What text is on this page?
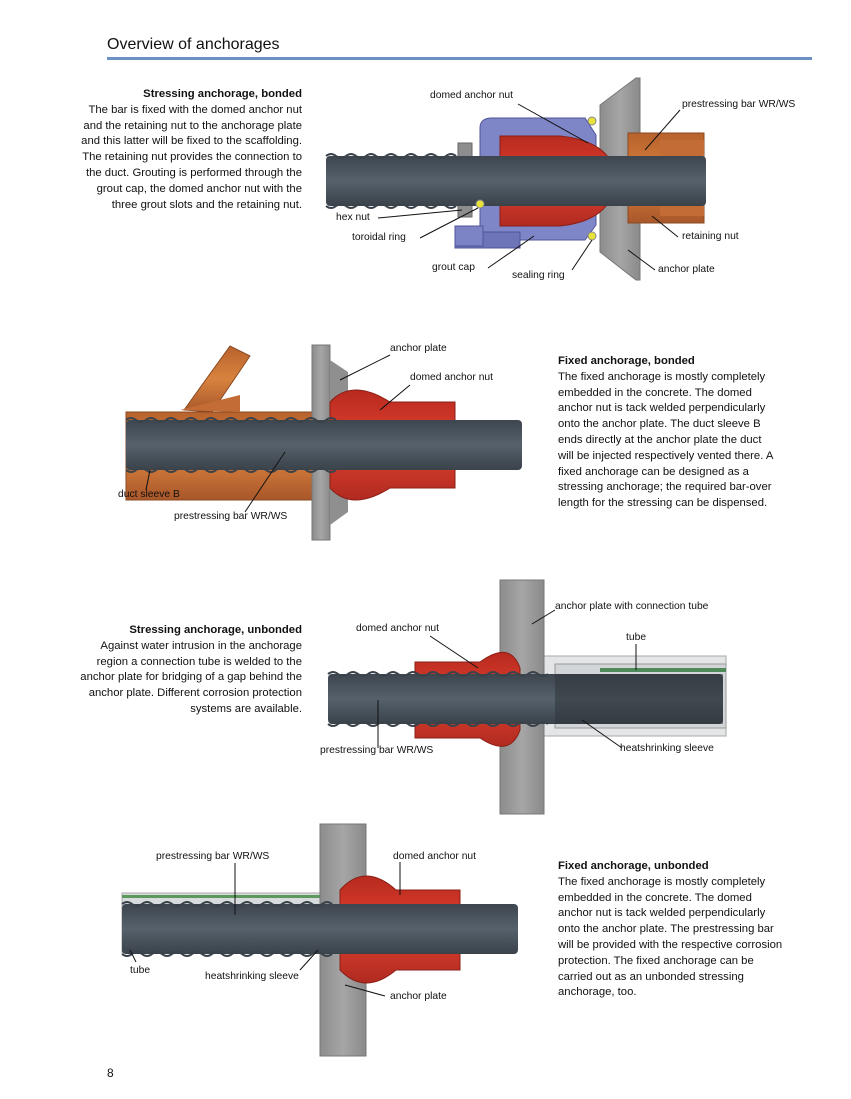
Overview of anchorages
Stressing anchorage, bonded
The bar is fixed with the domed anchor nut and the retaining nut to the anchorage plate and this latter will be fixed to the scaffolding. The retaining nut provides the connection to the duct. Grouting is performed through the grout cap, the domed anchor nut with the three grout slots and the retaining nut.
domed anchor nut
prestressing bar WR/WS
hex nut
toroidal ring	retaining nut
grout cap
sealing ring
anchor plate
Fixed anchorage, bonded
The fixed anchorage is mostly completely embedded in the concrete. The domed anchor nut is tack welded perpendicularly onto the anchor plate. The duct sleeve B ends directly at the anchor plate the duct will be injected respectively vented there. A fixed anchorage can be designed as a stressing anchorage; the required bar-over length for the stressing can be dispensed.
anchor plate
domed anchor nut
duct sleeve B
prestressing bar WR/WS
Stressing anchorage, unbonded
Against water intrusion in the anchorage region a connection tube is welded to the anchor plate for bridging of a gap behind the anchor plate. Different corrosion protection systems are available.
anchor plate with connection tube
domed anchor nut
tube
prestressing bar WR/WS	heatshrinking sleeve
Fixed anchorage, unbonded
The fixed anchorage is mostly completely embedded in the concrete. The domed anchor nut is tack welded perpendicularly onto the anchor plate. The prestressing bar will be provided with the respective corrosion protection. The fixed anchorage can be carried out as an unbonded stressing anchorage, too.
prestressing bar WR/WS	domed anchor nut
tube
heatshrinking sleeve
anchor plate
8
